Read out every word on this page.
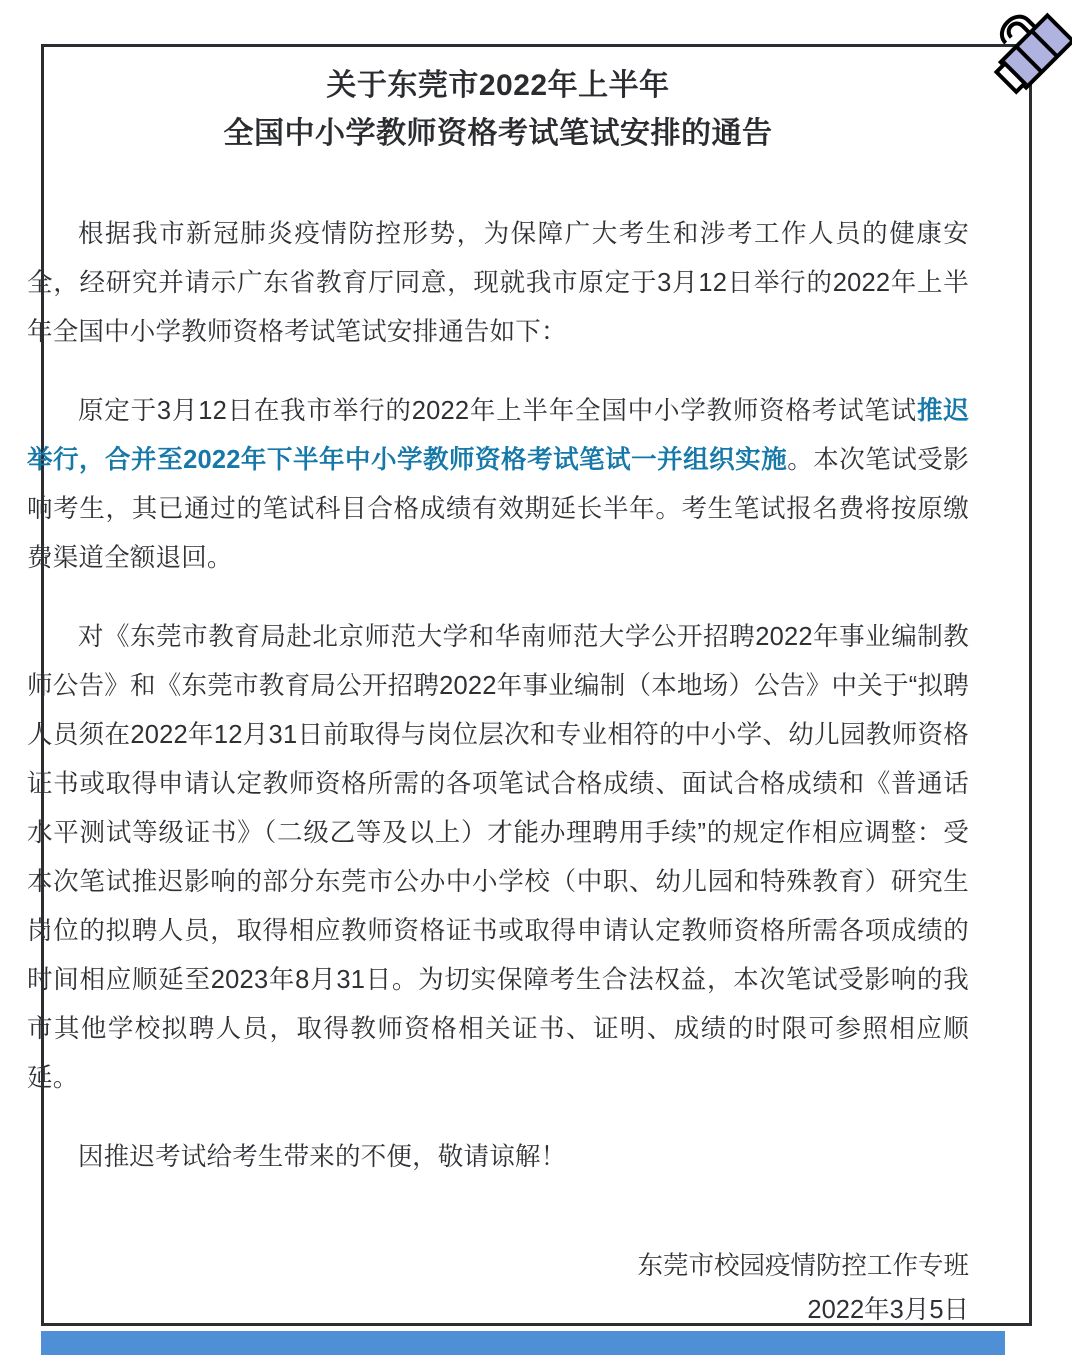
关于东莞市2022年上半年
全国中小学教师资格考试笔试安排的通告

根据我市新冠肺炎疫情防控形势，为保障广大考生和涉考工作人员的健康安全，经研究并请示广东省教育厅同意，现就我市原定于3月12日举行的2022年上半年全国中小学教师资格考试笔试安排通告如下：

原定于3月12日在我市举行的2022年上半年全国中小学教师资格考试笔试推迟举行，合并至2022年下半年中小学教师资格考试笔试一并组织实施。本次笔试受影响考生，其已通过的笔试科目合格成绩有效期延长半年。考生笔试报名费将按原缴费渠道全额退回。

对《东莞市教育局赴北京师范大学和华南师范大学公开招聘2022年事业编制教师公告》和《东莞市教育局公开招聘2022年事业编制（本地场）公告》中关于“拟聘人员须在2022年12月31日前取得与岗位层次和专业相符的中小学、幼儿园教师资格证书或取得申请认定教师资格所需的各项笔试合格成绩、面试合格成绩和《普通话水平测试等级证书》（二级乙等及以上）才能办理聘用手续”的规定作相应调整：受本次笔试推迟影响的部分东莞市公办中小学校（中职、幼儿园和特殊教育）研究生岗位的拟聘人员，取得相应教师资格证书或取得申请认定教师资格所需各项成绩的时间相应顺延至2023年8月31日。为切实保障考生合法权益，本次笔试受影响的我市其他学校拟聘人员，取得教师资格相关证书、证明、成绩的时限可参照相应顺延。

因推迟考试给考生带来的不便，敬请谅解！

东莞市校园疫情防控工作专班
2022年3月5日
